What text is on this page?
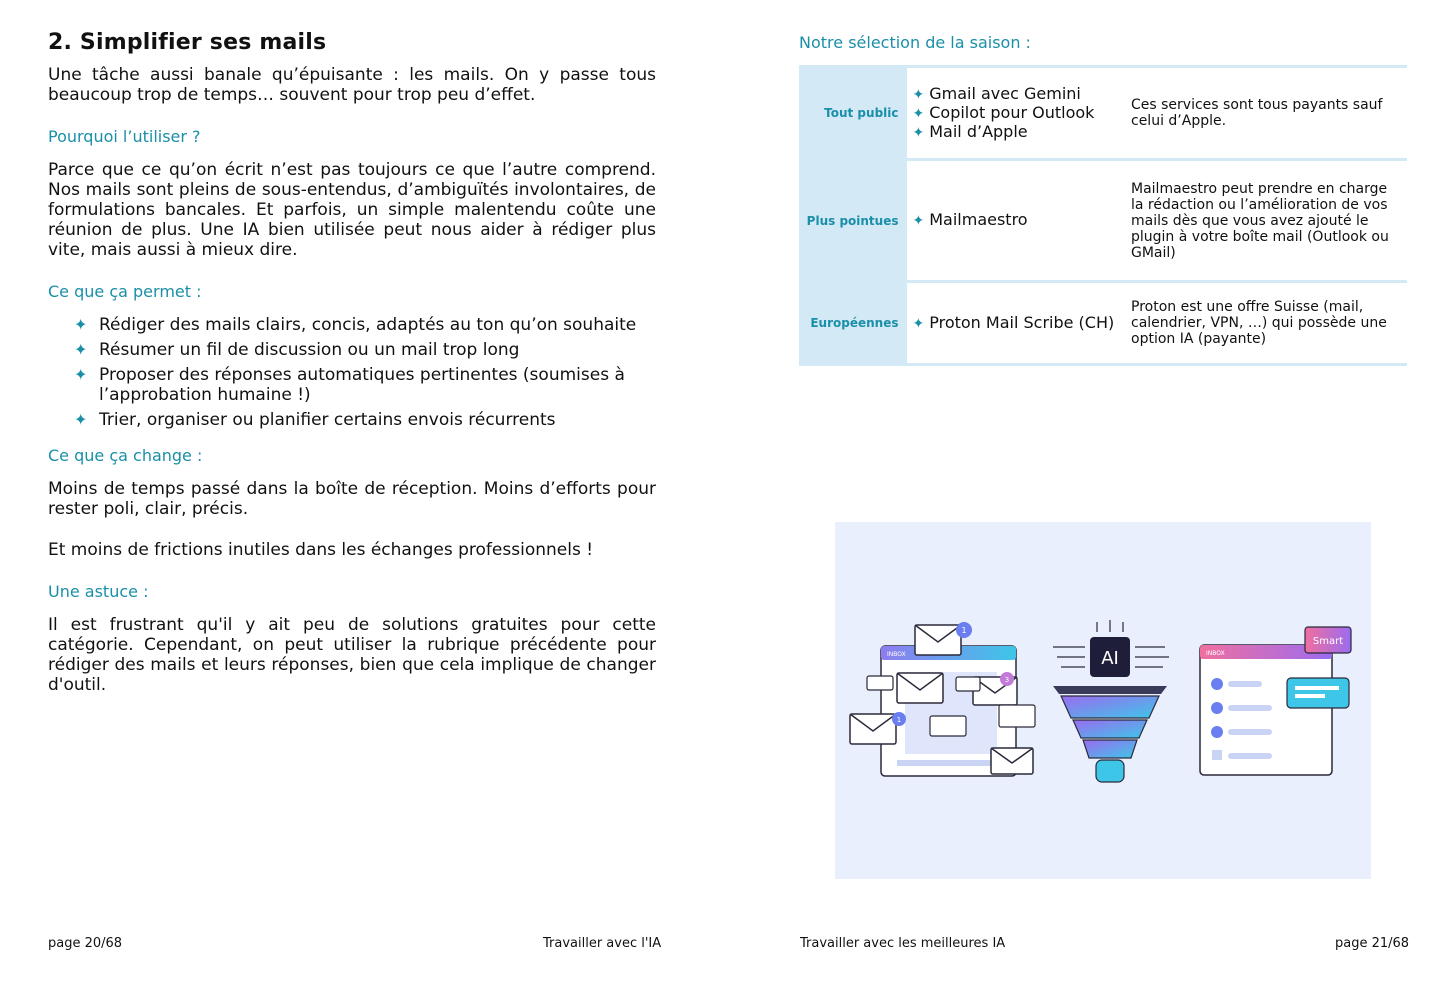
2. Simplifier ses mails

Une tâche aussi banale qu’épuisante : les mails. On y passe tous beaucoup trop de temps… souvent pour trop peu d’effet.

Pourquoi l’utiliser ?

Parce que ce qu’on écrit n’est pas toujours ce que l’autre comprend. Nos mails sont pleins de sous-entendus, d’ambiguïtés involontaires, de formulations bancales. Et parfois, un simple malentendu coûte une réunion de plus. Une IA bien utilisée peut nous aider à rédiger plus vite, mais aussi à mieux dire.

Ce que ça permet :
✦ Rédiger des mails clairs, concis, adaptés au ton qu’on souhaite
✦ Résumer un fil de discussion ou un mail trop long
✦ Proposer des réponses automatiques pertinentes (soumises à l’approbation humaine !)
✦ Trier, organiser ou planifier certains envois récurrents
Ce que ça change :

Moins de temps passé dans la boîte de réception. Moins d’efforts pour rester poli, clair, précis.

Et moins de frictions inutiles dans les échanges professionnels !

Une astuce :

Il est frustrant qu'il y ait peu de solutions gratuites pour cette catégorie. Cependant, on peut utiliser la rubrique précédente pour rédiger des mails et leurs réponses, bien que cela implique de changer d'outil.

Notre sélection de la saison :
Tout public	✦ Gmail avec Gemini
✦ Copilot pour Outlook
✦ Mail d’Apple	Ces services sont tous payants sauf celui d’Apple.
Plus pointues	✦ Mailmaestro	Mailmaestro peut prendre en charge la rédaction ou l’amélioration de vos mails dès que vous avez ajouté le plugin à votre boîte mail (Outlook ou GMail)
Européennes	✦ Proton Mail Scribe (CH)	Proton est une offre Suisse (mail, calendrier, VPN, …) qui possède une option IA (payante)
INBOX
1
3
1
AI	INBOX
Smart
page 20/68	Travailler avec l'IA	Travailler avec les meilleures IA	page 21/68
